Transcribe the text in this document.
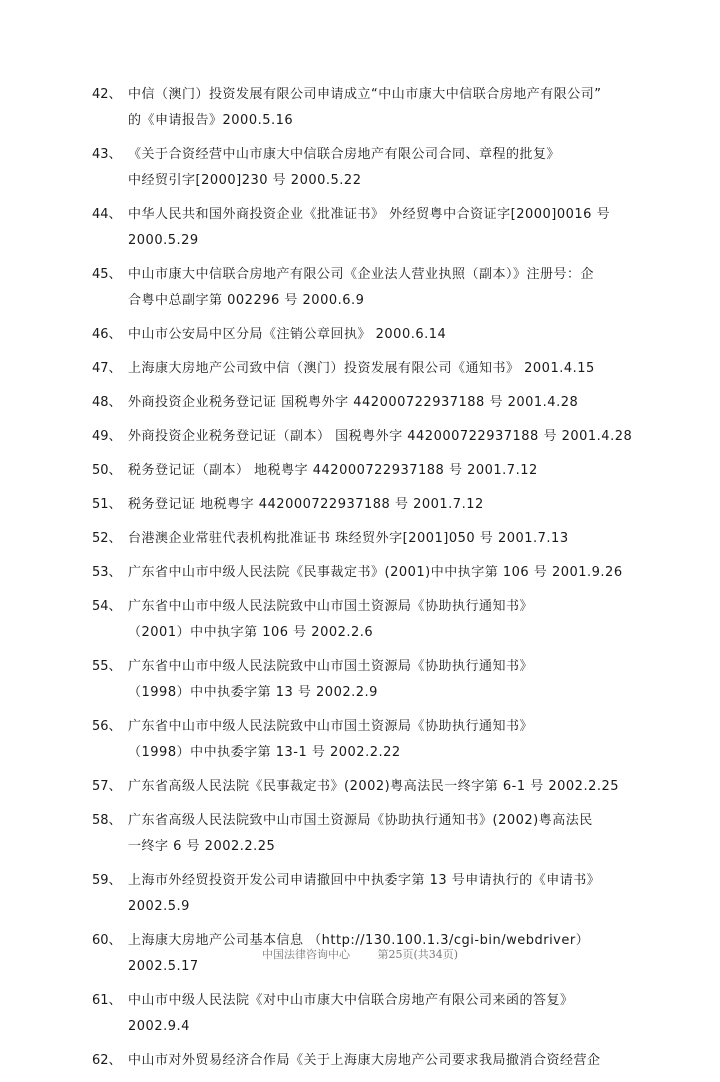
42、 中信（澳门）投资发展有限公司申请成立“中山市康大中信联合房地产有限公司”
的《申请报告》2000.5.16
43、 《关于合资经营中山市康大中信联合房地产有限公司合同、章程的批复》
中经贸引字[2000]230 号 2000.5.22
44、 中华人民共和国外商投资企业《批准证书》 外经贸粤中合资证字[2000]0016 号
2000.5.29
45、 中山市康大中信联合房地产有限公司《企业法人营业执照（副本）》注册号：企
合粤中总副字第 002296 号 2000.6.9
46、 中山市公安局中区分局《注销公章回执》 2000.6.14
47、 上海康大房地产公司致中信（澳门）投资发展有限公司《通知书》 2001.4.15
48、 外商投资企业税务登记证 国税粤外字 442000722937188 号 2001.4.28
49、 外商投资企业税务登记证（副本） 国税粤外字 442000722937188 号 2001.4.28
50、 税务登记证（副本） 地税粤字 442000722937188 号 2001.7.12
51、 税务登记证 地税粤字 442000722937188 号 2001.7.12
52、 台港澳企业常驻代表机构批准证书 珠经贸外字[2001]050 号 2001.7.13
53、 广东省中山市中级人民法院《民事裁定书》(2001)中中执字第 106 号 2001.9.26
54、 广东省中山市中级人民法院致中山市国土资源局《协助执行通知书》
（2001）中中执字第 106 号 2002.2.6
55、 广东省中山市中级人民法院致中山市国土资源局《协助执行通知书》
（1998）中中执委字第 13 号 2002.2.9
56、 广东省中山市中级人民法院致中山市国土资源局《协助执行通知书》
（1998）中中执委字第 13-1 号 2002.2.22
57、 广东省高级人民法院《民事裁定书》(2002)粤高法民一终字第 6-1 号 2002.2.25
58、 广东省高级人民法院致中山市国土资源局《协助执行通知书》(2002)粤高法民
一终字 6 号 2002.2.25
59、 上海市外经贸投资开发公司申请撤回中中执委字第 13 号申请执行的《申请书》
2002.5.9
60、 上海康大房地产公司基本信息 （http://130.100.1.3/cgi-bin/webdriver）
2002.5.17
61、 中山市中级人民法院《对中山市康大中信联合房地产有限公司来函的答复》
2002.9.4
62、 中山市对外贸易经济合作局《关于上海康大房地产公司要求我局撤消合资经营企
中国法律咨询中心	第25页(共34页)
